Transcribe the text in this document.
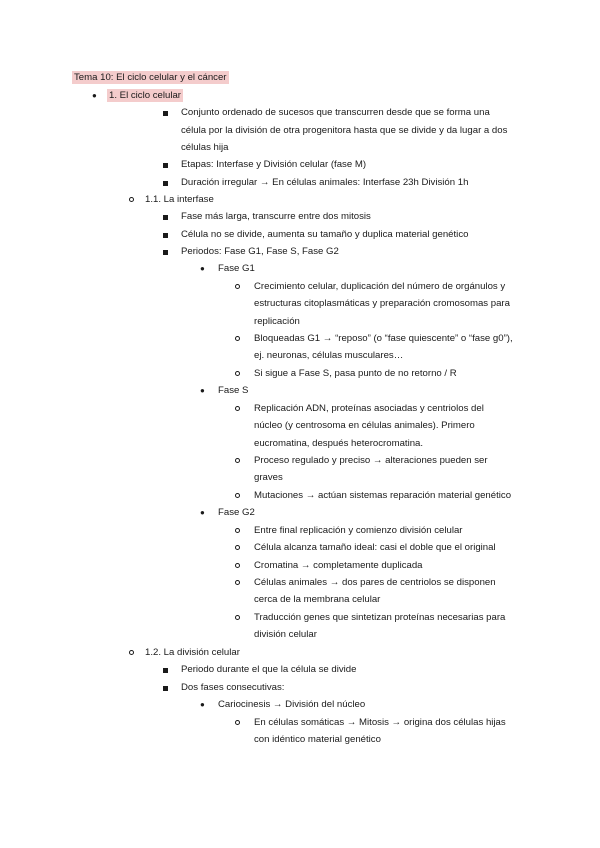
Tema 10: El ciclo celular y el cáncer
● 1. El ciclo celular
Conjunto ordenado de sucesos que transcurren desde que se forma una
célula por la división de otra progenitora hasta que se divide y da lugar a dos
células hija
Etapas: Interfase y División celular (fase M)
Duración irregular → En células animales: Interfase 23h División 1h
1.1. La interfase
Fase más larga, transcurre entre dos mitosis
Célula no se divide, aumenta su tamaño y duplica material genético
Periodos: Fase G1, Fase S, Fase G2
● Fase G1
Crecimiento celular, duplicación del número de orgánulos y
estructuras citoplasmáticas y preparación cromosomas para
replicación
Bloqueadas G1 → “reposo” (o “fase quiescente” o “fase g0”),
ej. neuronas, células musculares…
Si sigue a Fase S, pasa punto de no retorno / R
● Fase S
Replicación ADN, proteínas asociadas y centriolos del
núcleo (y centrosoma en células animales). Primero
eucromatina, después heterocromatina.
Proceso regulado y preciso → alteraciones pueden ser
graves
Mutaciones → actúan sistemas reparación material genético
● Fase G2
Entre final replicación y comienzo división celular
Célula alcanza tamaño ideal: casi el doble que el original
Cromatina → completamente duplicada
Células animales → dos pares de centriolos se disponen
cerca de la membrana celular
Traducción genes que sintetizan proteínas necesarias para
división celular
1.2. La división celular
Periodo durante el que la célula se divide
Dos fases consecutivas:
● Cariocinesis → División del núcleo
En células somáticas → Mitosis → origina dos células hijas
con idéntico material genético
